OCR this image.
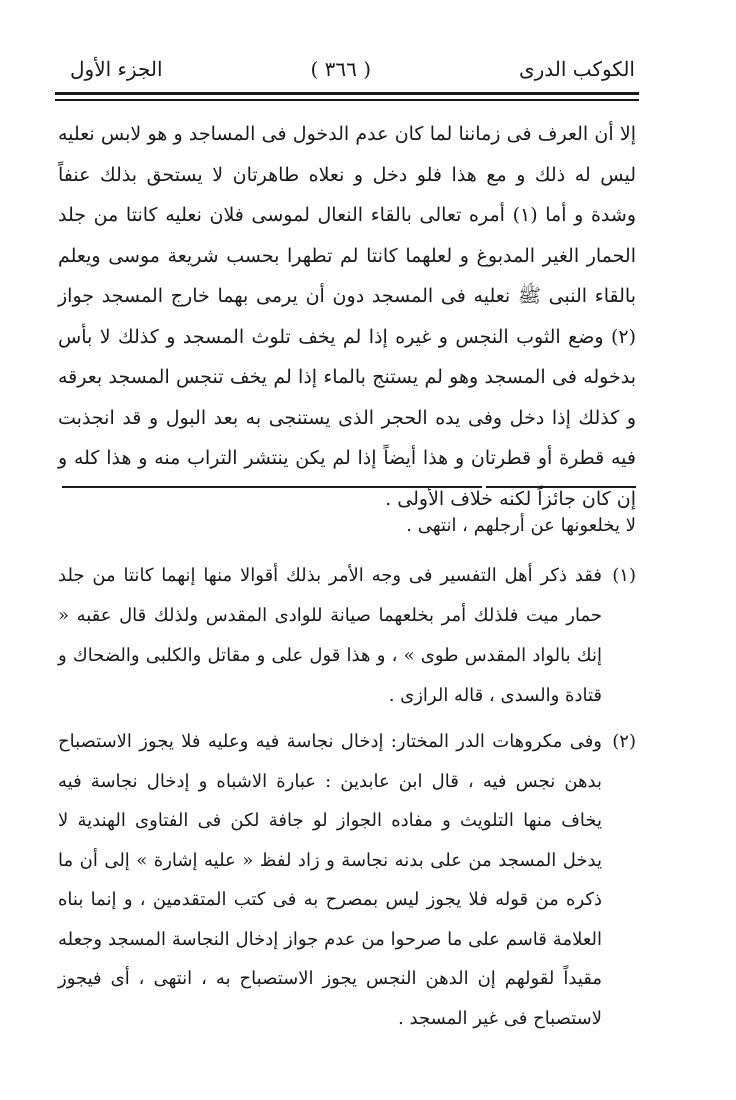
الكوكب الدرى
( ٣٦٦ )
الجزء الأول

إلا أن العرف فى زماننا لما كان عدم الدخول فى المساجد و هو لابس نعليه ليس له ذلك و مع هذا فلو دخل و نعلاه طاهرتان لا يستحق بذلك عنفاً وشدة و أما (١) أمره تعالى بالقاء النعال لموسى فلان نعليه كانتا من جلد الحمار الغير المدبوغ و لعلهما كانتا لم تطهرا بحسب شريعة موسى ويعلم بالقاء النبى ﷺ نعليه فى المسجد دون أن يرمى بهما خارج المسجد جواز (٢) وضع الثوب النجس و غيره إذا لم يخف تلوث المسجد و كذلك لا بأس بدخوله فى المسجد وهو لم يستنج بالماء إذا لم يخف تنجس المسجد بعرقه و كذلك إذا دخل وفى يده الحجر الذى يستنجى به بعد البول و قد انجذبت فيه قطرة أو قطرتان و هذا أيضاً إذا لم يكن ينتشر التراب منه و هذا كله و إن كان جائزاً لكنه خلاف الأولى .

لا يخلعونها عن أرجلهم ، انتهى .
(١)
فقد ذكر أهل التفسير فى وجه الأمر بذلك أقوالا منها إنهما كانتا من جلد حمار ميت فلذلك أمر بخلعهما صيانة للوادى المقدس ولذلك قال عقبه « إنك بالواد المقدس طوى » ، و هذا قول على و مقاتل والكلبى والضحاك و قتادة والسدى ، قاله الرازى .
(٢)
وفى مكروهات الدر المختار: إدخال نجاسة فيه وعليه فلا يجوز الاستصباح بدهن نجس فيه ، قال ابن عابدين : عبارة الاشباه و إدخال نجاسة فيه يخاف منها التلويث و مفاده الجواز لو جافة لكن فى الفتاوى الهندية لا يدخل المسجد من على بدنه نجاسة و زاد لفظ « عليه إشارة » إلى أن ما ذكره من قوله فلا يجوز ليس بمصرح به فى كتب المتقدمين ، و إنما بناه العلامة قاسم على ما صرحوا من عدم جواز إدخال النجاسة المسجد وجعله مقيداً لقولهم إن الدهن النجس يجوز الاستصباح به ، انتهى ، أى فيجوز لاستصباح فى غير المسجد .
